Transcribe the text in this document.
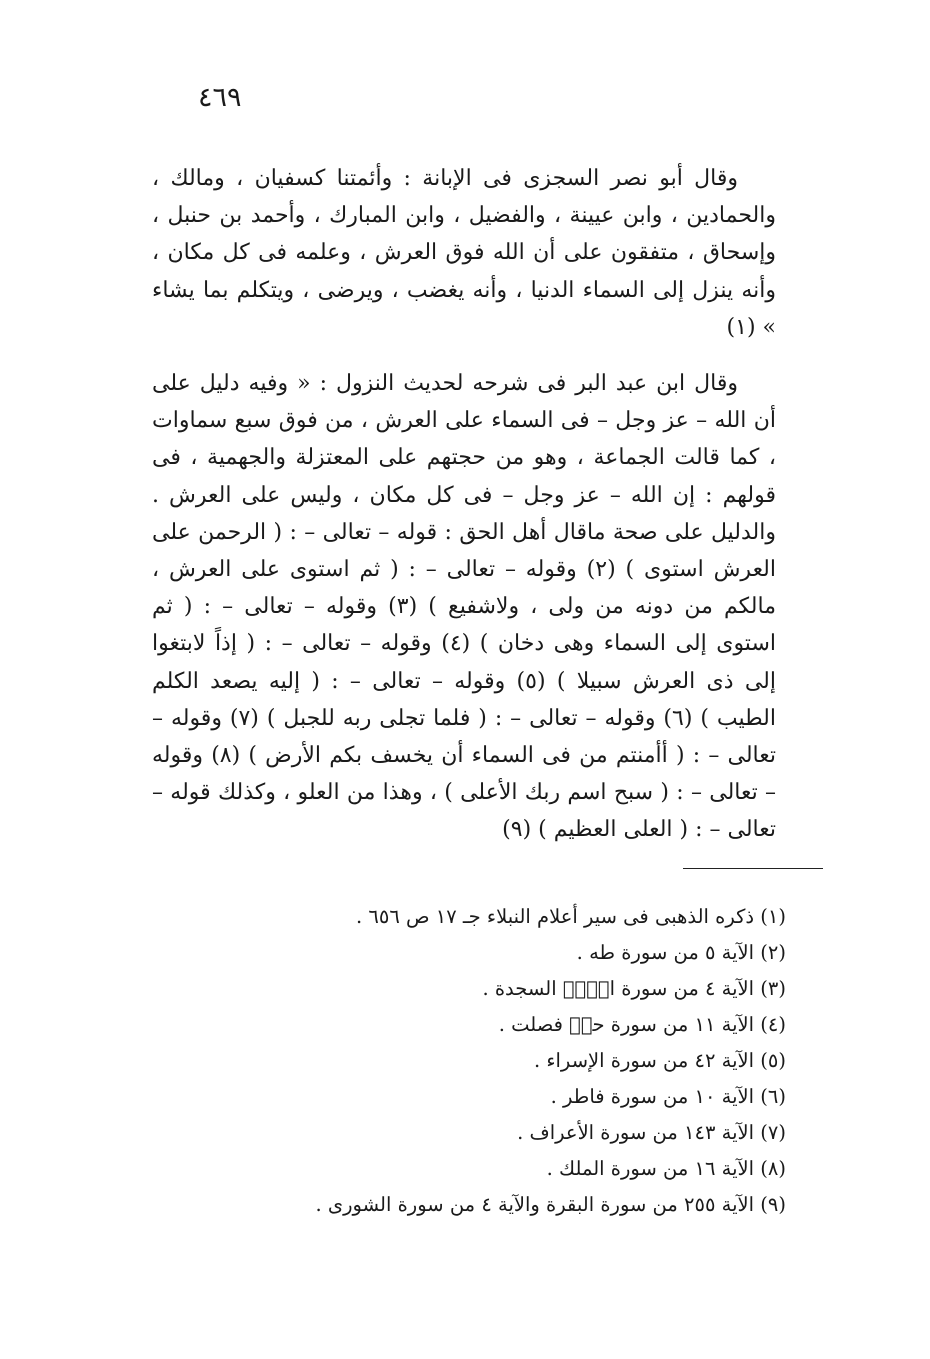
٤٦٩

وقال أبو نصر السجزى فى الإبانة : وأئمتنا كسفيان ، ومالك ، والحمادين ، وابن عيينة ، والفضيل ، وابن المبارك ، وأحمد بن حنبل ، وإسحاق ، متفقون على أن الله فوق العرش ، وعلمه فى كل مكان ، وأنه ينزل إلى السماء الدنيا ، وأنه يغضب ، ويرضى ، ويتكلم بما يشاء » (١)

وقال ابن عبد البر فى شرحه لحديث النزول : « وفيه دليل على أن الله – عز وجل – فى السماء على العرش ، من فوق سبع سماوات ، كما قالت الجماعة ، وهو من حجتهم على المعتزلة والجهمية ، فى قولهم : إن الله – عز وجل – فى كل مكان ، وليس على العرش . والدليل على صحة ماقال أهل الحق : قوله – تعالى – : ( الرحمن على العرش استوى ) (٢) وقوله – تعالى – : ( ثم استوى على العرش ، مالكم من دونه من ولى ، ولاشفيع ) (٣) وقوله – تعالى – : ( ثم استوى إلى السماء وهى دخان ) (٤) وقوله – تعالى – : ( إذاً لابتغوا إلى ذى العرش سبيلا ) (٥) وقوله – تعالى – : ( إليه يصعد الكلم الطيب ) (٦) وقوله – تعالى – : ( فلما تجلى ربه للجبل ) (٧) وقوله – تعالى – : ( أأمنتم من فى السماء أن يخسف بكم الأرض ) (٨) وقوله – تعالى – : ( سبح اسم ربك الأعلى ) ، وهذا من العلو ، وكذلك قوله – تعالى – : ( العلى العظيم ) (٩)

(١) ذكره الذهبى فى سير أعلام النبلاء جـ ١٧ ص ٦٥٦ .
(٢) الآية ٥ من سورة طه .
(٣) الآية ٤ من سورة الۤمۤ السجدة .
(٤) الآية ١١ من سورة حمۤ فصلت .
(٥) الآية ٤٢ من سورة الإسراء .
(٦) الآية ١٠ من سورة فاطر .
(٧) الآية ١٤٣ من سورة الأعراف .
(٨) الآية ١٦ من سورة الملك .
(٩) الآية ٢٥٥ من سورة البقرة والآية ٤ من سورة الشورى .
